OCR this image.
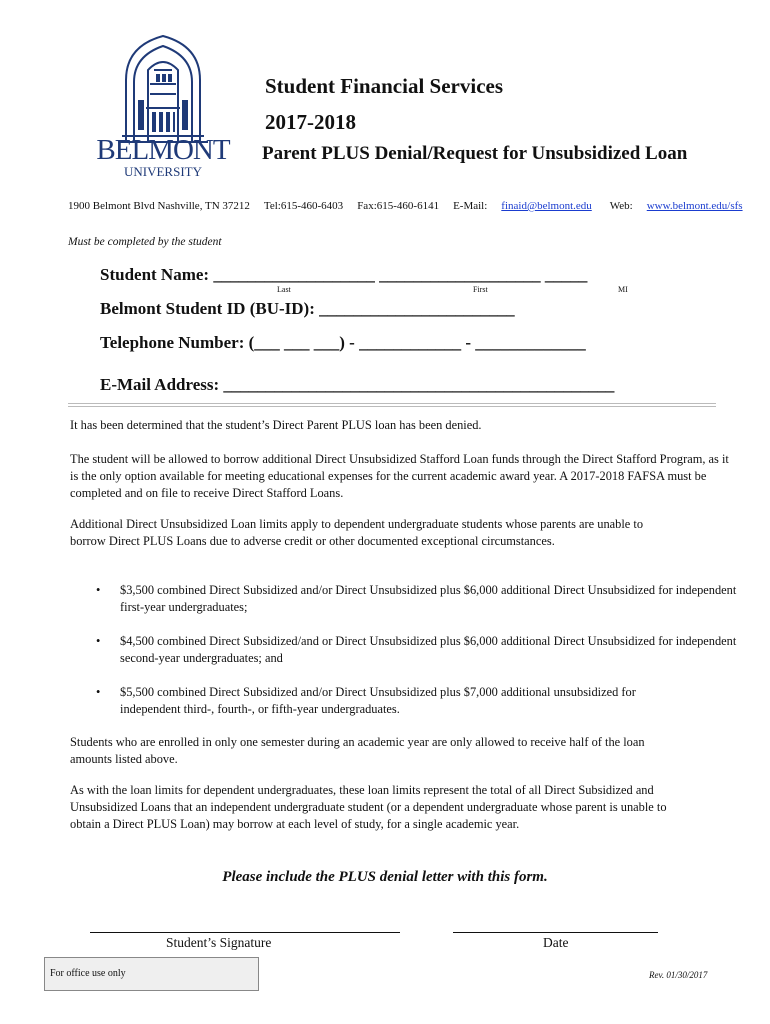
BELMONT
UNIVERSITY
Student Financial Services
2017-2018
Parent PLUS Denial/Request for Unsubsidized Loan
1900 Belmont Blvd Nashville, TN 37212 Tel:615-460-6403 Fax:615-460-6141 E-Mail: finaid@belmont.edu Web: www.belmont.edu/sfs
Must be completed by the student
Student Name: ___________________ ___________________ _____
Last	First	MI
Belmont Student ID (BU-ID): _______________________
Telephone Number: (___ ___ ___) - ____________ - _____________
E-Mail Address: ______________________________________________
It has been determined that the student’s Direct Parent PLUS loan has been denied.
The student will be allowed to borrow additional Direct Unsubsidized Stafford Loan funds through the Direct Stafford Program, as it is the only option available for meeting educational expenses for the current academic award year. A 2017-2018 FAFSA must be completed and on file to receive Direct Stafford Loans.
Additional Direct Unsubsidized Loan limits apply to dependent undergraduate students whose parents are unable to borrow Direct PLUS Loans due to adverse credit or other documented exceptional circumstances.
• $3,500 combined Direct Subsidized and/or Direct Unsubsidized plus $6,000 additional Direct Unsubsidized for independent first-year undergraduates;
• $4,500 combined Direct Subsidized/and or Direct Unsubsidized plus $6,000 additional Direct Unsubsidized for independent second-year undergraduates; and
• $5,500 combined Direct Subsidized and/or Direct Unsubsidized plus $7,000 additional unsubsidized for independent third-, fourth-, or fifth-year undergraduates.
Students who are enrolled in only one semester during an academic year are only allowed to receive half of the loan amounts listed above.
As with the loan limits for dependent undergraduates, these loan limits represent the total of all Direct Subsidized and Unsubsidized Loans that an independent undergraduate student (or a dependent undergraduate whose parent is unable to obtain a Direct PLUS Loan) may borrow at each level of study, for a single academic year.
Please include the PLUS denial letter with this form.
Student’s Signature	Date
For office use only	Rev. 01/30/2017
